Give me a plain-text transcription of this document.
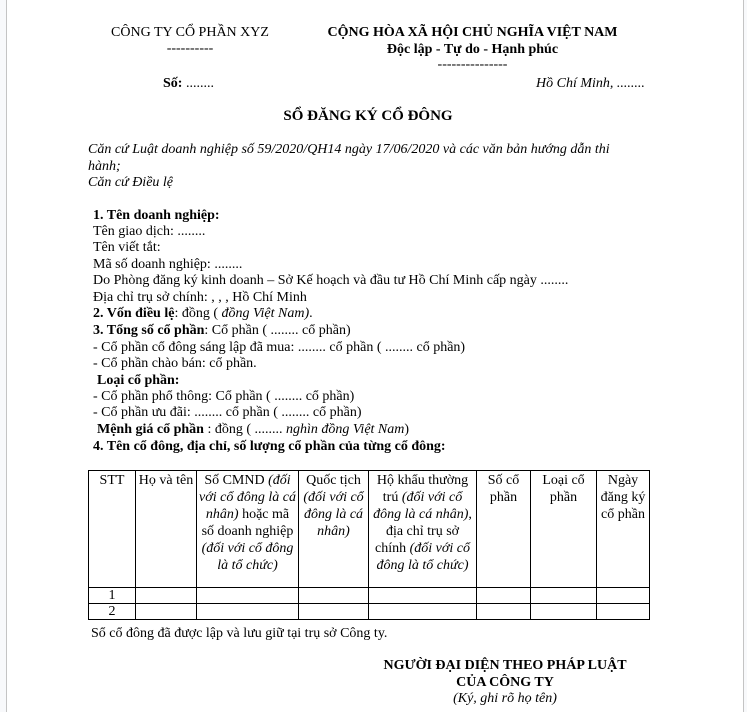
CÔNG TY CỔ PHẦN XYZ
----------
CỘNG HÒA XÃ HỘI CHỦ NGHĨA VIỆT NAM
Độc lập - Tự do - Hạnh phúc
---------------
Số: ........	Hồ Chí Minh, ........
SỔ ĐĂNG KÝ CỔ ĐÔNG
Căn cứ Luật doanh nghiệp số 59/2020/QH14 ngày 17/06/2020 và các văn bản hướng dẫn thi
hành;
Căn cứ Điều lệ
1. Tên doanh nghiệp:
Tên giao dịch: ........
Tên viết tắt:
Mã số doanh nghiệp: ........
Do Phòng đăng ký kinh doanh – Sở Kế hoạch và đầu tư Hồ Chí Minh cấp ngày ........
Địa chỉ trụ sở chính: , , , Hồ Chí Minh
2. Vốn điều lệ: đồng ( đồng Việt Nam).
3. Tổng số cổ phần: Cổ phần ( ........ cổ phần)
- Cổ phần cổ đông sáng lập đã mua: ........ cổ phần ( ........ cổ phần)
- Cổ phần chào bán: cổ phần.
Loại cổ phần:
- Cổ phần phổ thông: Cổ phần ( ........ cổ phần)
- Cổ phần ưu đãi: ........ cổ phần ( ........ cổ phần)
Mệnh giá cổ phần : đồng ( ........ nghìn đồng Việt Nam)
4. Tên cổ đông, địa chỉ, số lượng cổ phần của từng cổ đông:
STT	Họ và tên	Số CMND (đối với cổ đông là cá nhân) hoặc mã số doanh nghiệp (đối với cổ đông là tổ chức)	Quốc tịch (đối với cổ đông là cá nhân)	Hộ khẩu thường trú (đối với cổ đông là cá nhân), địa chỉ trụ sở chính (đối với cổ đông là tổ chức)	Số cổ phần	Loại cổ phần	Ngày đăng ký cổ phần
1							
2							
Sổ cổ đông đã được lập và lưu giữ tại trụ sở Công ty.
NGƯỜI ĐẠI DIỆN THEO PHÁP LUẬT
CỦA CÔNG TY
(Ký, ghi rõ họ tên)
